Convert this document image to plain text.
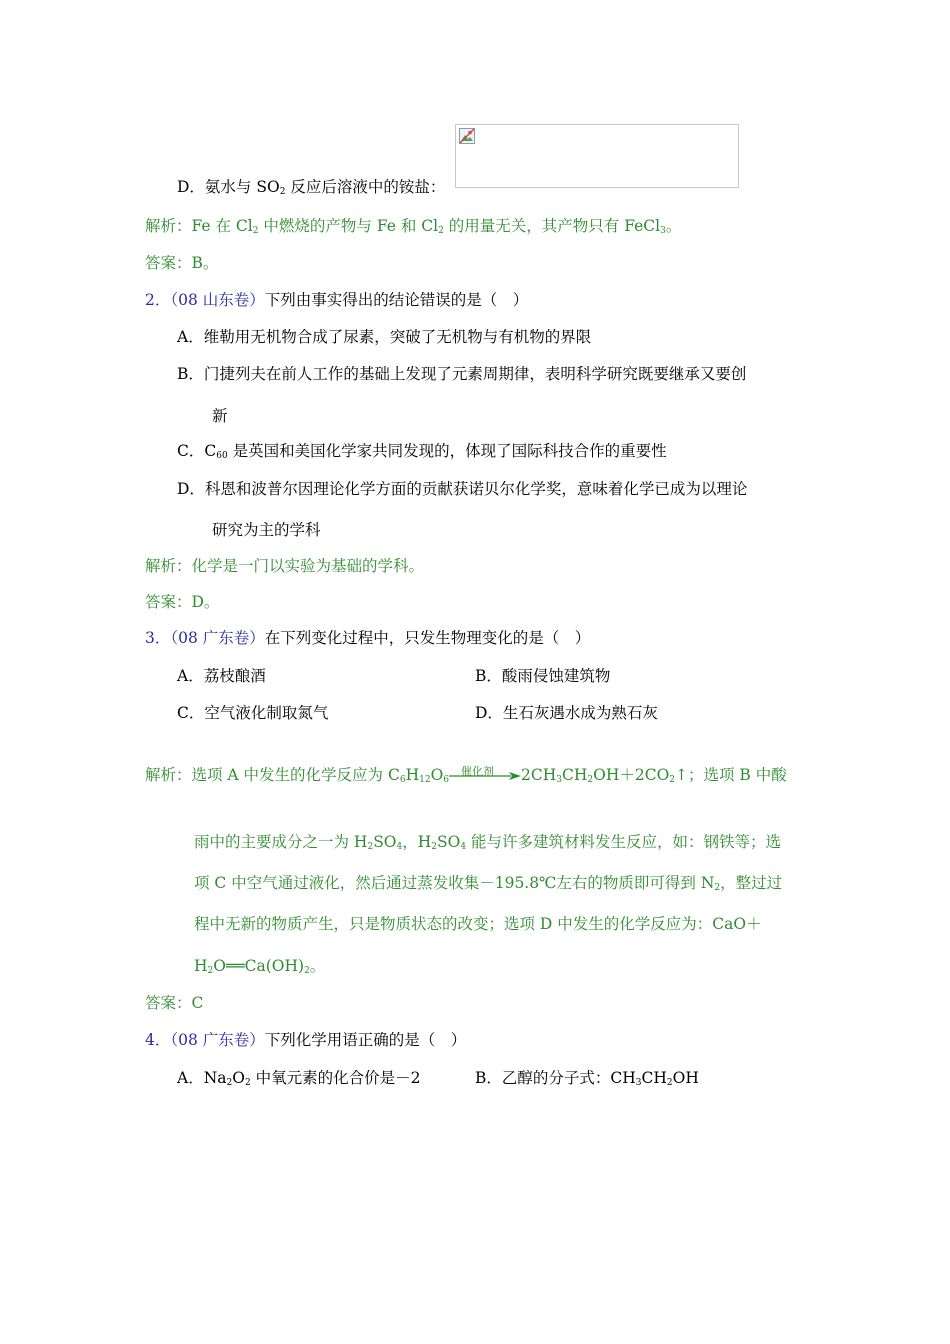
D．氨水与 $SO_2$ 反应后溶液中的铵盐：
解析：Fe 在 $Cl_2$ 中燃烧的产物与 Fe 和 $Cl_2$ 的用量无关，其产物只有 FeCl$_3$。
答案：B。
2．（08 山东卷）下列由事实得出的结论错误的是（　）
A．维勒用无机物合成了尿素，突破了无机物与有机物的界限
B．门捷列夫在前人工作的基础上发现了元素周期律，表明科学研究既要继承又要创
新
C．$C_{60}$ 是英国和美国化学家共同发现的，体现了国际科技合作的重要性
D．科恩和波普尔因理论化学方面的贡献获诺贝尔化学奖，意味着化学已成为以理论
研究为主的学科
解析：化学是一门以实验为基础的学科。
答案：D。
3．（08 广东卷）在下列变化过程中，只发生物理变化的是（　）
A．荔枝酿酒	B．酸雨侵蚀建筑物
C．空气液化制取氮气	D．生石灰遇水成为熟石灰
解析：选项 A 中发生的化学反应为 $C_6H_{12}O_6$
催化剂 $2CH_3CH_2OH+2CO_2↑$；选项 B 中酸
雨中的主要成分之一为 $H_2SO_4$，$H_2SO_4$ 能与许多建筑材料发生反应，如：钢铁等；选
项 C 中空气通过液化，然后通过蒸发收集－195.8℃左右的物质即可得到 $N_2$，整过过
程中无新的物质产生，只是物质状态的改变；选项 D 中发生的化学反应为：CaO＋
$H_2O══Ca(OH)_2$。
答案：C
4．（08 广东卷）下列化学用语正确的是（　）
A．$Na_2O_2$ 中氧元素的化合价是－2	B．乙醇的分子式：$CH_3CH_2OH$
